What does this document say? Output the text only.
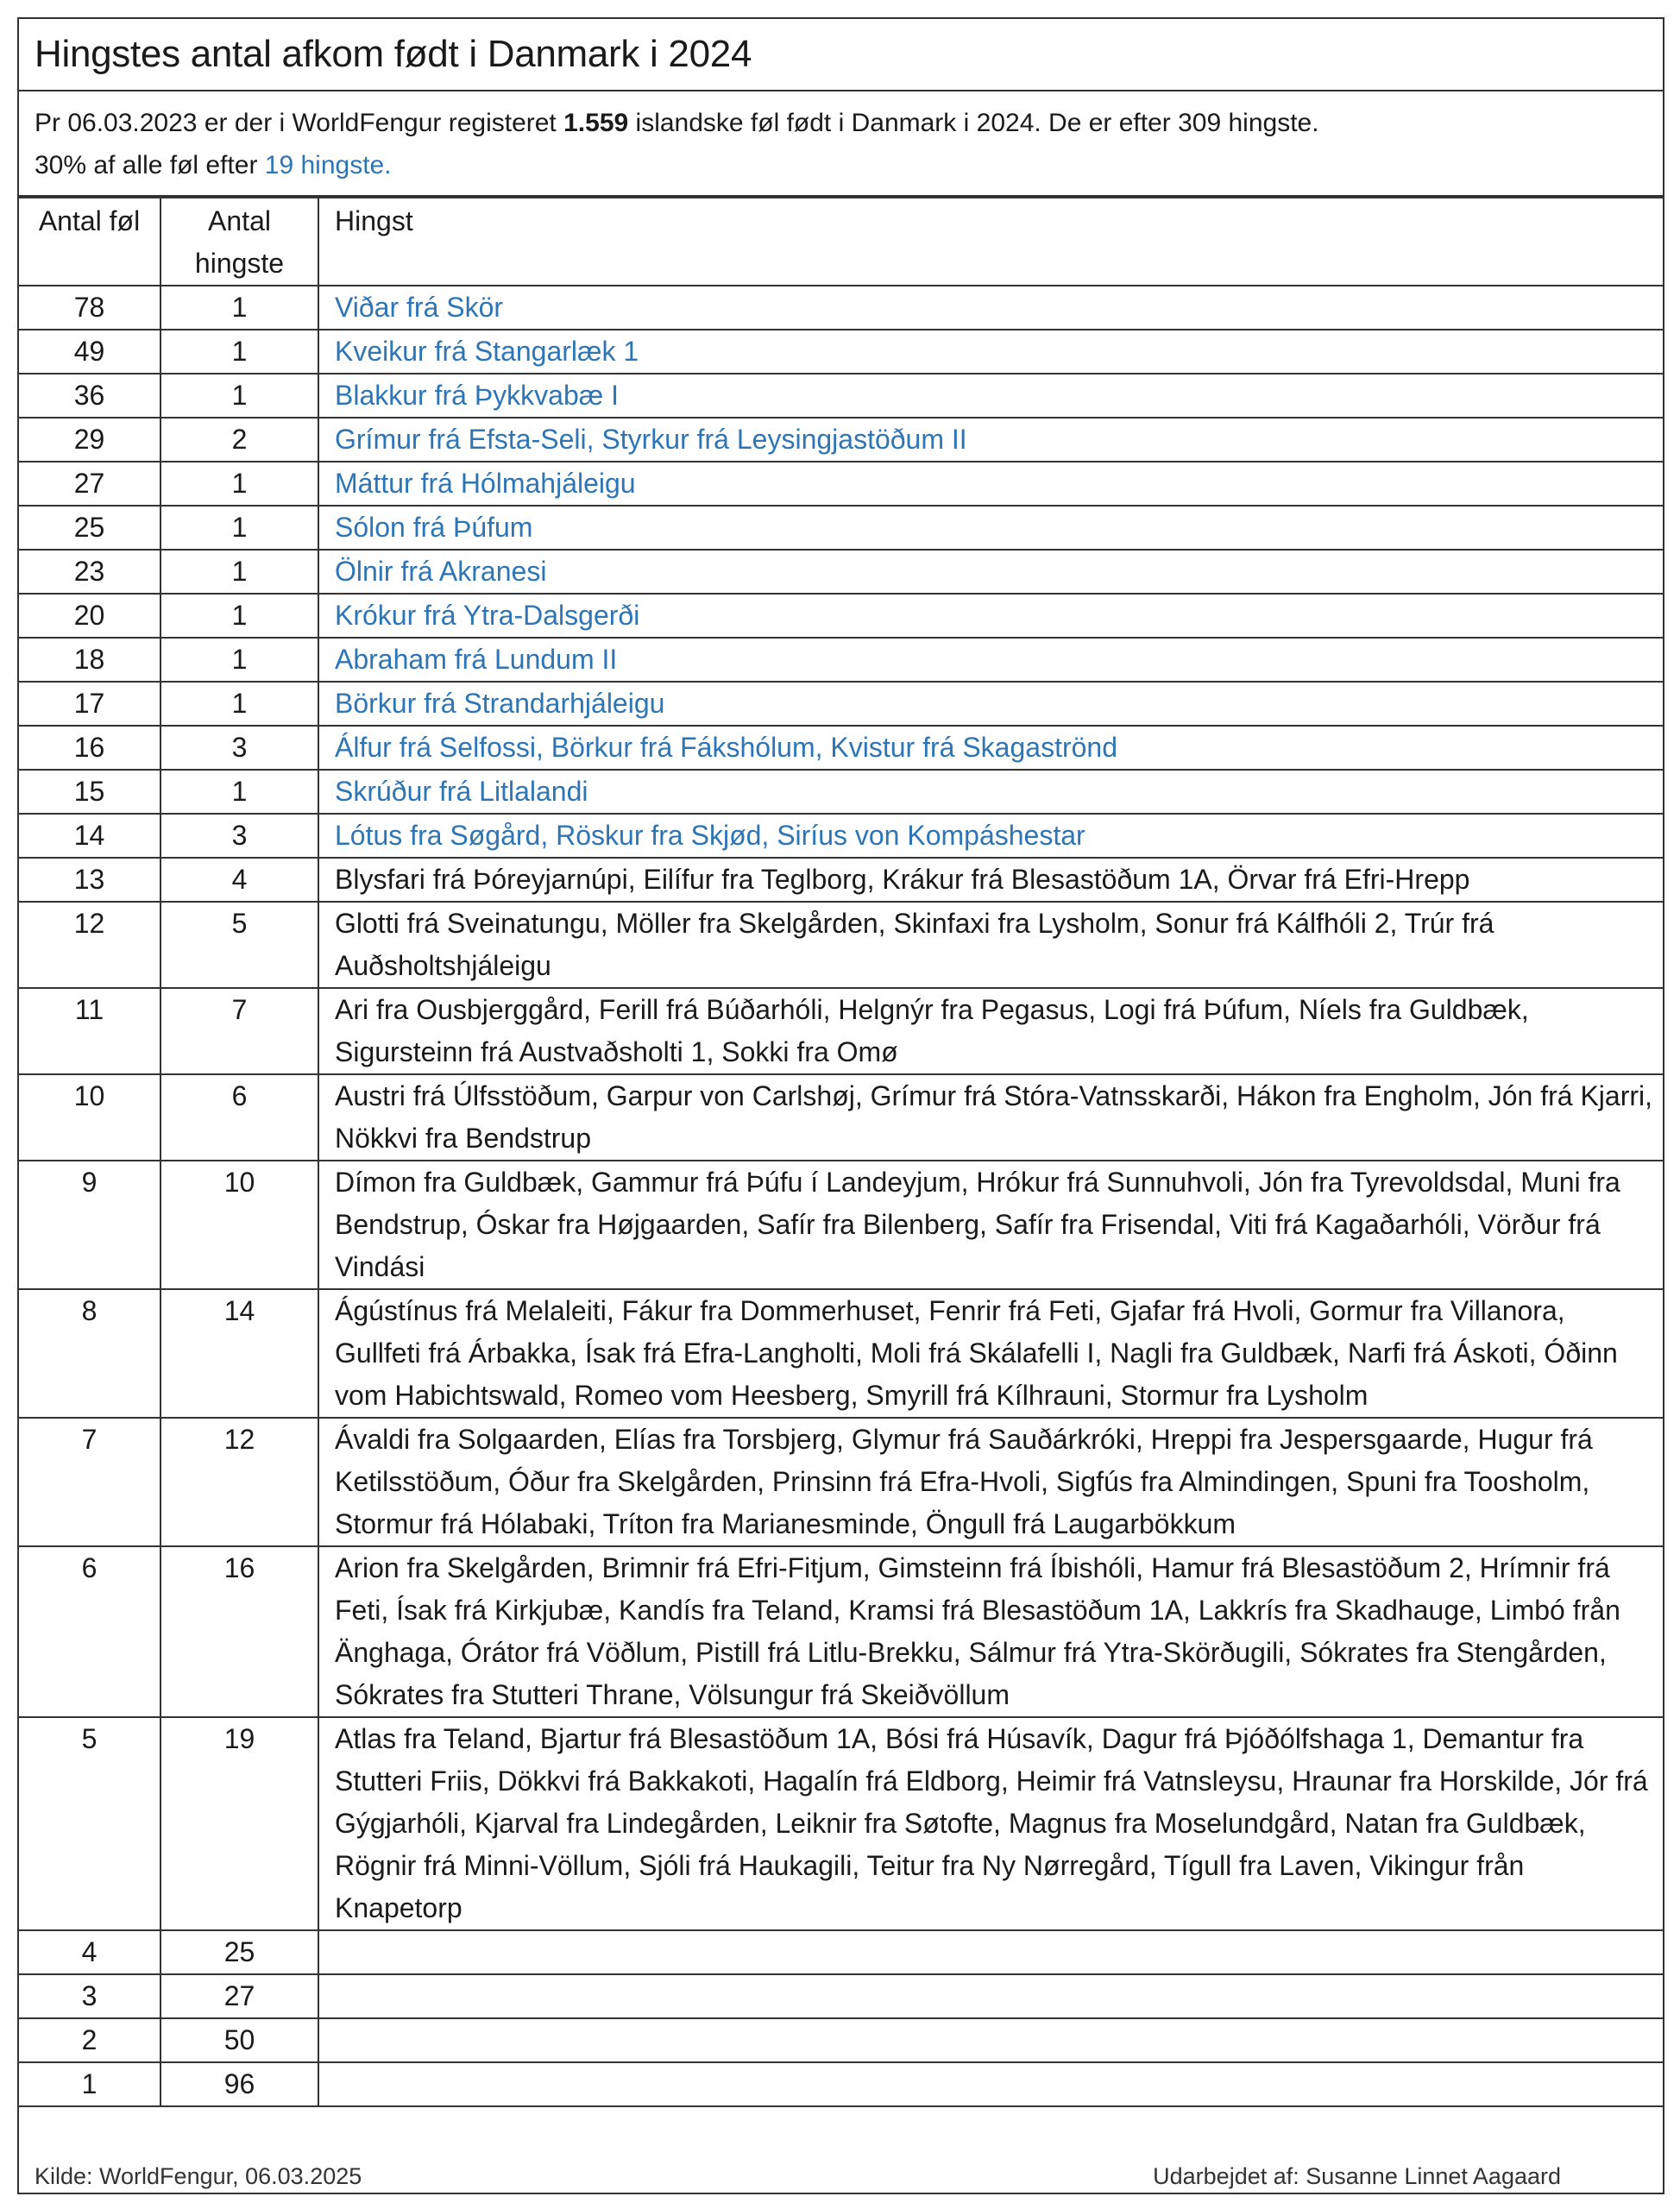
Hingstes antal afkom født i Danmark i 2024
Pr 06.03.2023 er der i WorldFengur registeret 1.559 islandske føl født i Danmark i 2024. De er efter 309 hingste.
30% af alle føl efter 19 hingste.
Antal føl	Antal hingste	Hingst
78	1	Viðar frá Skör
49	1	Kveikur frá Stangarlæk 1
36	1	Blakkur frá Þykkvabæ I
29	2	Grímur frá Efsta-Seli, Styrkur frá Leysingjastöðum II
27	1	Máttur frá Hólmahjáleigu
25	1	Sólon frá Þúfum
23	1	Ölnir frá Akranesi
20	1	Krókur frá Ytra-Dalsgerði
18	1	Abraham frá Lundum II
17	1	Börkur frá Strandarhjáleigu
16	3	Álfur frá Selfossi, Börkur frá Fákshólum, Kvistur frá Skagaströnd
15	1	Skrúður frá Litlalandi
14	3	Lótus fra Søgård, Röskur fra Skjød, Siríus von Kompáshestar
13	4	Blysfari frá Þóreyjarnúpi, Eilífur fra Teglborg, Krákur frá Blesastöðum 1A, Örvar frá Efri-Hrepp
12	5	Glotti frá Sveinatungu, Möller fra Skelgården, Skinfaxi fra Lysholm, Sonur frá Kálfhóli 2, Trúr frá Auðsholtshjáleigu
11	7	Ari fra Ousbjerggård, Ferill frá Búðarhóli, Helgnýr fra Pegasus, Logi frá Þúfum, Níels fra Guldbæk, Sigursteinn frá Austvaðsholti 1, Sokki fra Omø
10	6	Austri frá Úlfsstöðum, Garpur von Carlshøj, Grímur frá Stóra-Vatnsskarði, Hákon fra Engholm, Jón frá Kjarri, Nökkvi fra Bendstrup
9	10	Dímon fra Guldbæk, Gammur frá Þúfu í Landeyjum, Hrókur frá Sunnuhvoli, Jón fra Tyrevoldsdal, Muni fra Bendstrup, Óskar fra Højgaarden, Safír fra Bilenberg, Safír fra Frisendal, Viti frá Kagaðarhóli, Vörður frá Vindási
8	14	Ágústínus frá Melaleiti, Fákur fra Dommerhuset, Fenrir frá Feti, Gjafar frá Hvoli, Gormur fra Villanora, Gullfeti frá Árbakka, Ísak frá Efra-Langholti, Moli frá Skálafelli I, Nagli fra Guldbæk, Narfi frá Áskoti, Óðinn vom Habichtswald, Romeo vom Heesberg, Smyrill frá Kílhrauni, Stormur fra Lysholm
7	12	Ávaldi fra Solgaarden, Elías fra Torsbjerg, Glymur frá Sauðárkróki, Hreppi fra Jespersgaarde, Hugur frá Ketilsstöðum, Óður fra Skelgården, Prinsinn frá Efra-Hvoli, Sigfús fra Almindingen, Spuni fra Toosholm, Stormur frá Hólabaki, Tríton fra Marianesminde, Öngull frá Laugarbökkum
6	16	Arion fra Skelgården, Brimnir frá Efri-Fitjum, Gimsteinn frá Íbishóli, Hamur frá Blesastöðum 2, Hrímnir frá Feti, Ísak frá Kirkjubæ, Kandís fra Teland, Kramsi frá Blesastöðum 1A, Lakkrís fra Skadhauge, Limbó från Änghaga, Órátor frá Vöðlum, Pistill frá Litlu-Brekku, Sálmur frá Ytra-Skörðugili, Sókrates fra Stengården, Sókrates fra Stutteri Thrane, Völsungur frá Skeiðvöllum
5	19	Atlas fra Teland, Bjartur frá Blesastöðum 1A, Bósi frá Húsavík, Dagur frá Þjóðólfshaga 1, Demantur fra Stutteri Friis, Dökkvi frá Bakkakoti, Hagalín frá Eldborg, Heimir frá Vatnsleysu, Hraunar fra Horskilde, Jór frá Gýgjarhóli, Kjarval fra Lindegården, Leiknir fra Søtofte, Magnus fra Moselundgård, Natan fra Guldbæk, Rögnir frá Minni-Völlum, Sjóli frá Haukagili, Teitur fra Ny Nørregård, Tígull fra Laven, Vikingur från Knapetorp
4	25	
3	27	
2	50	
1	96	
Kilde: WorldFengur, 06.03.2025	Udarbejdet af: Susanne Linnet Aagaard
